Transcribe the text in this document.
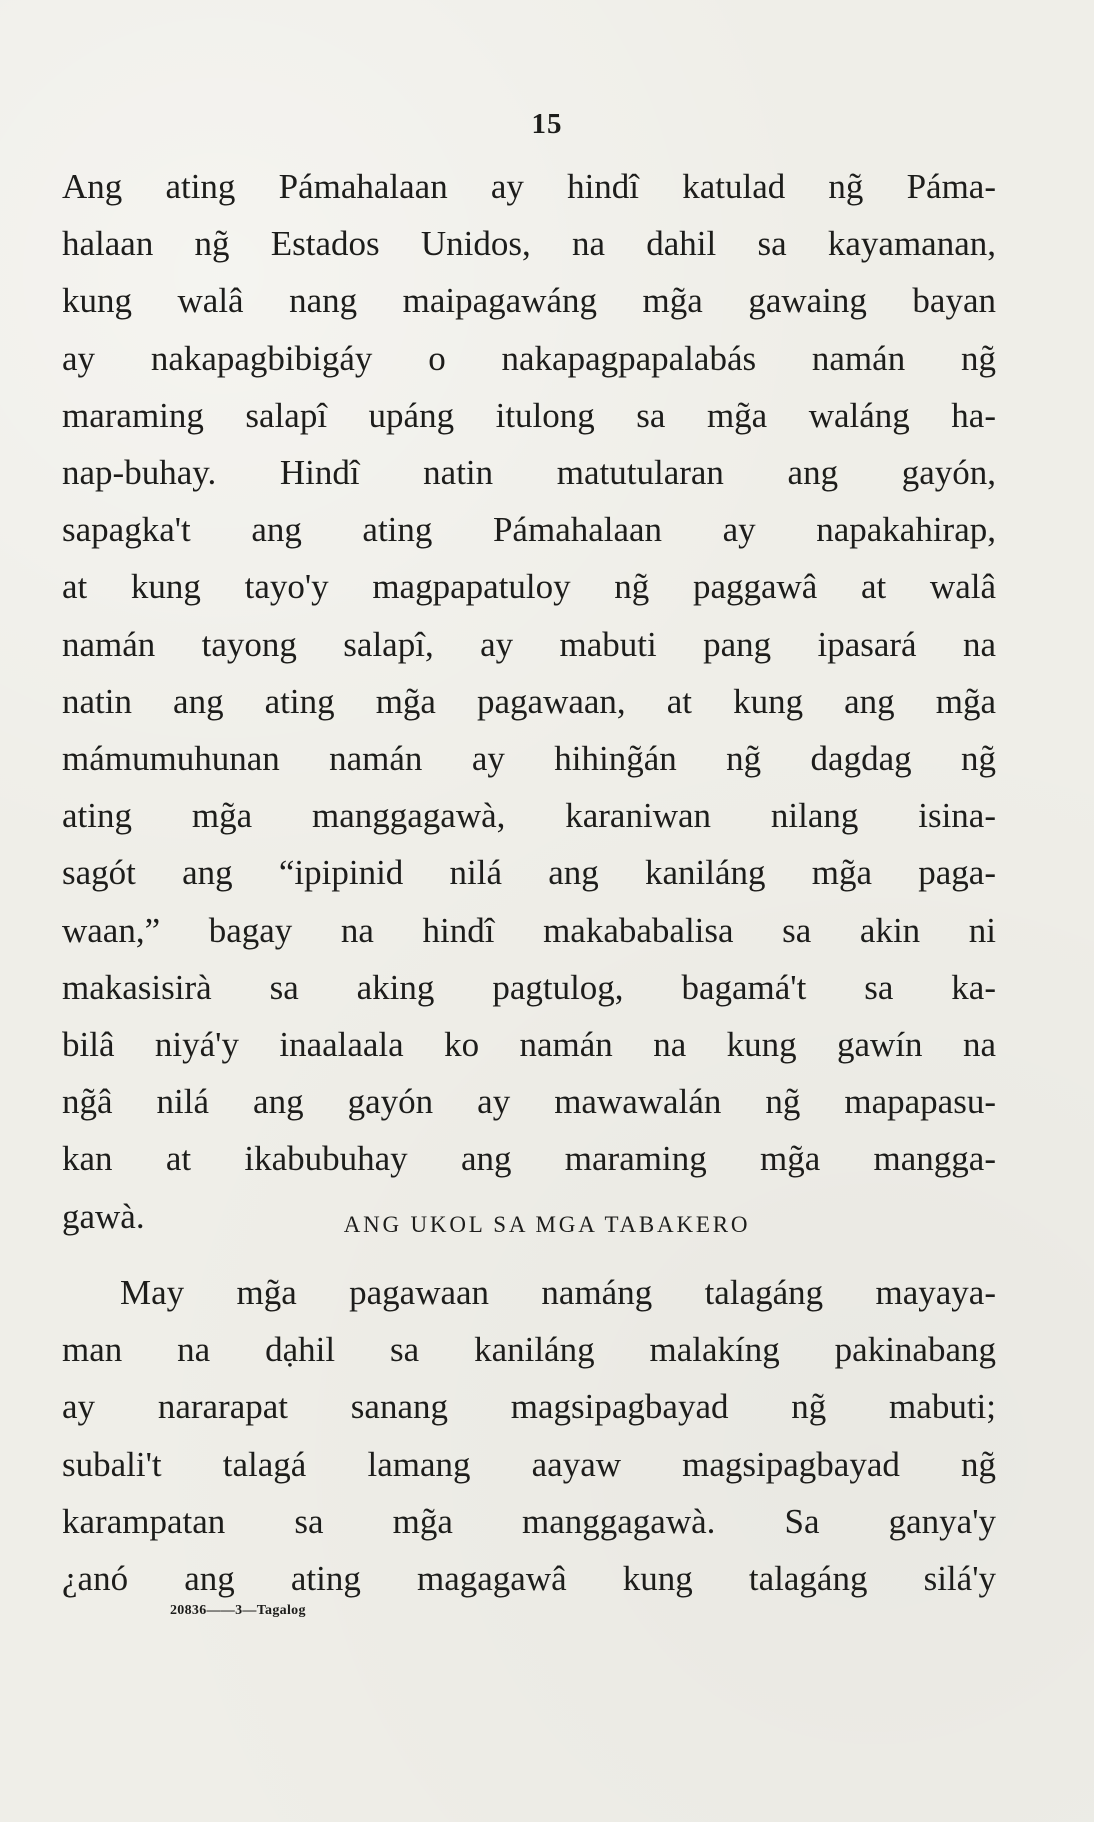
15
Ang ating Pámahalaan ay hindî katulad ng̃ Páma-
halaan ng̃ Estados Unidos, na dahil sa kayamanan,
kung walâ nang maipagawáng mg̃a gawaing bayan
ay nakapagbibigáy o nakapagpapalabás namán ng̃
maraming salapî upáng itulong sa mg̃a waláng ha-
nap-buhay. Hindî natin matutularan ang gayón,
sapagka't ang ating Pámahalaan ay napakahirap,
at kung tayo'y magpapatuloy ng̃ paggawâ at walâ
namán tayong salapî, ay mabuti pang ipasará na
natin ang ating mg̃a pagawaan, at kung ang mg̃a
mámumuhunan namán ay hihing̃án ng̃ dagdag ng̃
ating mg̃a manggagawà, karaniwan nilang isina-
sagót ang “ipipinid nilá ang kaniláng mg̃a paga-
waan,” bagay na hindî makababalisa sa akin ni
makasisirà sa aking pagtulog, bagamá't sa ka-
bilâ niyá'y inaalaala ko namán na kung gawín na
ng̃â nilá ang gayón ay mawawalán ng̃ mapapasu-
kan at ikabubuhay ang maraming mg̃a mangga-
gawà.	ANG UKOL SA MGA TABAKERO
May mg̃a pagawaan namáng talagáng mayaya-
man na dạhil sa kaniláng malakíng pakinabang
ay nararapat sanang magsipagbayad ng̃ mabuti;
subali't talagá lamang aayaw magsipagbayad ng̃
karampatan sa mg̃a manggagawà. Sa ganya'y
¿anó ang ating magagawâ kung talagáng silá'y
20836——3—Tagalog
